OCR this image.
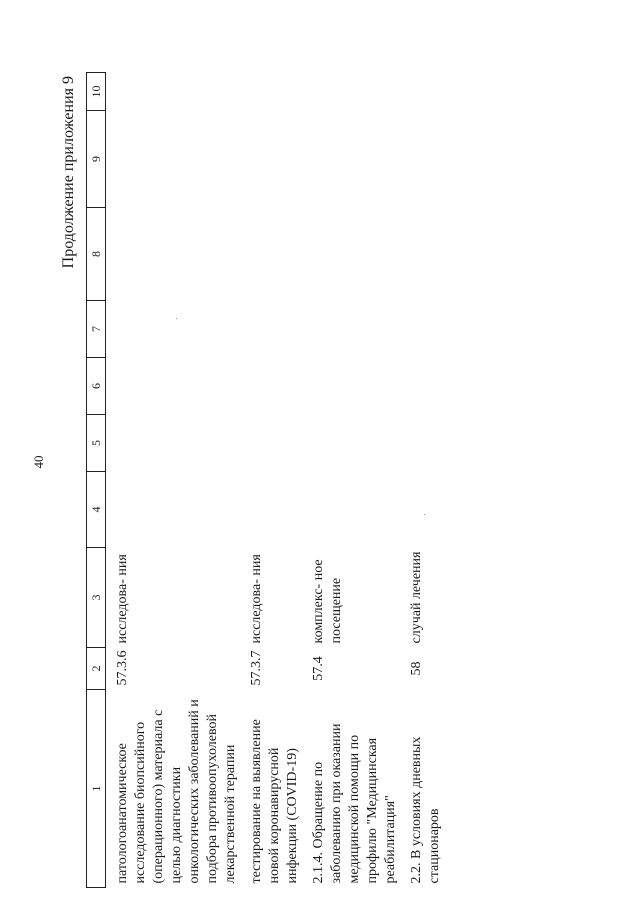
40
Продолжение приложения 9
1	2	3	4	5	6	7	8	9	10

патологоанатомическое исследование биопсийного (операционного) материала с целью диагностики онкологических заболеваний и подбора противоопухолевой лекарственной терапии	57.3.6	исследова- ния							

тестирование на выявление новой коронавирусной инфекции (COVID-19)	57.3.7	исследова- ния							

2.1.4. Обращение по заболеванию при оказании медицинской помощи по профилю "Медицинская реабилитация"	57.4	комплекс- ное посещение							

2.2. В условиях дневных стационаров	58	случай лечения							
